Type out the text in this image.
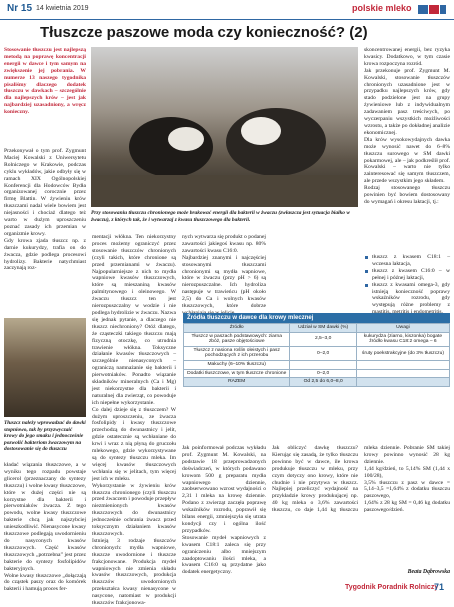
Nr 15 14 kwietnia 2019	polskie mleko
Tłuszcze paszowe moda czy konieczność? (2)
Stosowanie tłuszczu jest najlepszą metodą na poprawę koncentracji energii w dawce i tym samym na zwiększenie jej pobrania. W numerze 13 naszego tygodnika pisaliśmy dlaczego dodatek tłuszczu w dawkach – szczególnie dla najlepszych krów – jest jak najbardziej uzasadniony, a wręcz konieczny.
Przekonywał o tym prof. Zygmunt Maciej Kowalski z Uniwersytetu Rolniczego w Krakowie, podczas cyklu wykładów, jakie odbyły się w ramach XIX Ogólnopolskiej Konferencji dla Hodowców Bydła organizowanej corocznie przez firmę Blattin. W żywieniu krów tłuszczami nadal wiele bowiem jest niejasności i chociaż dlatego też warto w dużym uproszczeniu poznać zasady ich przemian w organizmie krowy.
Gdy krowa zjada tłuszcz np. z darnie kukurydzy, trafia on do żwacza, gdzie podlega procesowi hydrolizy. Bakterie natychmiast zaczynają roz-
Tłuszcz należy wprowadzać do dawki stopniowo, tak by przyzwyczaić krowy do jego smaku i jednocześnie pozwolić bakteriom żwaczowym na dostosowanie się do tłuszczu
kładać wiązania tłuszczowe, a w wyniku tego rozpadu powstaje glicerol (przeznaczany do syntezy tłuszczu) i wolne kwasy tłuszczowe, które w dużej części nie są korzystne dla bakterii i pierwotniaków żwacza. Z tego powodu, wolne kwasy tłuszczowe bakterie chcą jak najszybciej unieszkodliwić. Nienasycone kwasy tłuszczowe podlegają uwodornieniu do nasyconych kwasów tłuszczowych. Część kwasów tłuszczowych „potrzebna” jest przez bakterie do syntezy fosfolipidów bakteryjnych.
Wolne kwasy tłuszczowe „dołączają do cząstek paszy oraz do komórek bakterii i hamują proces fer-
Przy stosowaniu tłuszczu chronionego może brakować energii dla bakterii w żwaczu (zwłaszcza jest sytuacja białko w żwaczu), z których tak, że i wytwarzaj z kwasu tłuszczowego dla bakterii.
mentacji włókna. Ten niekorzystny proces możemy ograniczyć przez stosowanie tłuszczów chronionych (czyli takich, które chronione są przed przemianami w żwaczu). Najpopularniejsze z nich to mydła wapniowe kwasów tłuszczowych, które są mieszaniną kwasów palmitynowego i oleinowego. W żwaczu tłuszcz ten jest nierozpuszczalny w wodzie i nie podlega hydrolizie w żwaczu. Nazwa się jednak pytanie, a dlaczego nie tłuszcz niechroniony? Otóż dlatego, że cząsteczki takiego tłuszczu mają fizyczną otoczkę, co utrudnia trawienie włókna. Toksyczne działanie kwasów tłuszczowych – szczególnie nienasyconych – ograniczą namnażanie się bakterii i pierwotniaków. Ponadto wiązanie składników mineralnych (Ca i Mg) jest niekorzystne dla bakterii i naturalnej dla zwierząt, co powoduje ich niepełne wykorzystanie.
Co dalej dzieje się z tłuszczem? W dużym uproszczeniu, ze żwacza fosfolipidy i kwasy tłuszczowe przechodzą do dwunastnicy i jelit, gdzie ostatecznie są wchłaniane do krwi i wraz z nią płyną do gruczołu mlekowego, gdzie wykorzystywane są do syntezy tłuszczu mleka. Im więcej kwasów tłuszczowych wchłania się w jelitach, tym więcej jest ich w mleku.
Wykorzystanie w żywieniu krów tłuszczu chronionego (czyli tłuszczu przed żwaczem i powoduje przepływ niezmienionych kwasów tłuszczowych do dwunastnicy jednocześnie ochrania żwacz przed toksycznym działaniem kwasów tłuszczowych.
Istnieją 3 rodzaje tłuszczów chronionych: mydła wapniowe, tłuszcze uwodornione i tłuszcze frakcjonowane. Produkcja mydeł wapniowych nie zmienia składu kwasów tłuszczowych, produkcja tłuszczów uwodornionych przekształca kwasy nienasycone w nasycone, natomiast w produkcji tłuszczów frakcjonowa-
nych wytwarza się produkt o podanej zawartości jakiegoś kwasu np. 80% zawartości kwasu C16:0.
Najbardziej znanymi i najczęściej stosowanymi tłuszczami chronionymi są mydła wapniowe, które w żwaczu (przy pH > 6) są nierozpuszczalne. Ich hydroliza następuje w trawieńcu (pH około 2,5) do Ca i wolnych kwasów tłuszczowych, które dobrze
Źródła tłuszczu w dawce dla krowy mlecznej
Źródło	Udział w SM dawki (%)	Uwagi
Tłuszcz w paszach podstawowych: ziarna zbóż, pasze objętościowe	2,5–3,0	kukurydza (ziarno, kiszonka) bogate źródło kwasu C18:2 omega – 6
Tłuszcz z nasiona roślin oleistych i pasz pochodzących z ich przerobu	0–2,0	śruty poekstrakcyjne (do 3% tłuszczu)
Makuchy (6–10% tłuszczu)		
Dodatki tłuszczowe, w tym tłuszcze chronione	0–2,0	
RAZEM	Od 2,5 do 6,0–8,0	
Jak poinformował podczas wykładu prof. Zygmunt M. Kowalski, na podstawie 18 przeprowadzonych doświadczeń, w których podawano krowom 500 g preparatu mydła wapniowego dziennie, zaobserwowano wzrost wydajności o 2,31 l mleka na krowę dziennie. Podano z zwierząt zaczęła poprawę wskaźników rozrodu, poprawił się bilans energii, zmniejszyła się utrata kondycji czy i ogólna ilość przypadków.
Stosowanie mydeł wapniowych z kwasem C18:1 zaleca się przy ograniczeniu albo mniejszym zaadoptowaniu ilości mleka, a kwasem C16:0 są przydatne jako dodatek energetyczny.
skoncentrowanej energii, bez ryzyka kwasicy. Dodatkowo, w tym czasie krowa rozpoczyna rozród.
Jak przekonuje prof. Zygmunt M. Kowalski, stosowanie tłuszczów chronionych uzasadnione jest w przypadku najlepszych krów, gdy stado podzielone jest na grupy żywieniowe lub z indywidualnym zadawaniem pasz treściwych, po wyczerpaniu wszystkich możliwości wzrostu, a także po dokładnej analizie ekonomicznej.
Dla krów wysokowydajnych dawka może wynosić nawet do 6–8% tłuszczu surowego w SM dawki pokarmowej, ale – jak podkreślił prof. Kowalski – warto nie tylko zainteresować się samym tłuszczem, ale przede wszystkim jego składem.
Rodzaj stosowanego tłuszczu powinien być bowiem dostosowany do wymagań i okresu laktacji, tj.:
tłuszcz z kwasem C18:1 – wczesna laktacja,
tłuszcz z kwasem C16:0 – w pełnej i późnej laktacji,
tłuszcz z kwasami omega-3, gdy istnieją konieczność poprawy wskaźników rozrodu, gdy występują różne problemy z mastitis, metritis i endometritis.
Jak obliczyć dawkę tłuszczu? Kierując się zasadą, że tylko tłuszczu powinno być w dawce, ile krowa produkuje tłuszczu w mleku, przy czym dotyczy ono krowy, które nie chudnie i nie przytywa w tłuszcz. Najlepiej przeliczyć wydajność na przykładzie krowy produkującej np. 40 kg mleka o 3,6% zawartości tłuszczu, co daje 1,44 kg tłuszczu mleka dziennie. Pobranie SM takiej krowy powinno wynosić 28 kg dziennie.
1,44 kg/dzień, to 5,14% SM (1,44 x 100/28),
3,5% tłuszczu z pasz w dawce = 5,14–3,5 =1,64% z dodatku tłuszczu paszowego,
1,64% z 28 kg SM = 0,46 kg dodatku paszowego/dzień.
Beata Dąbrowska
Tygodnik Poradnik Rolniczy
71
